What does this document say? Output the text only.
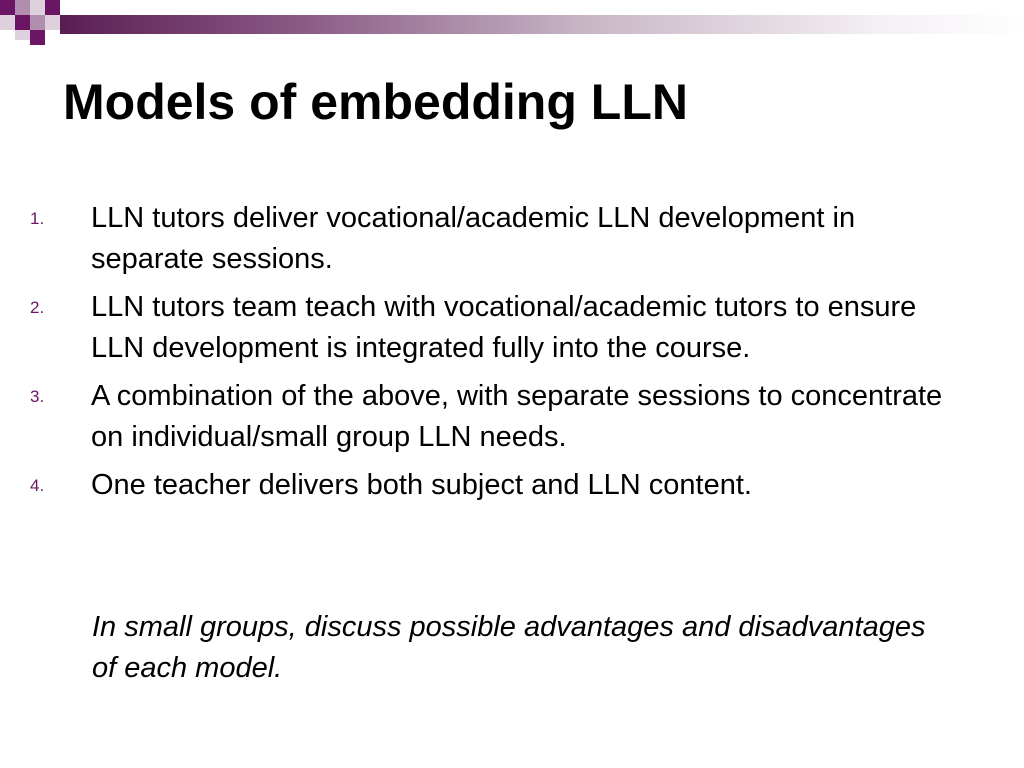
Models of embedding LLN
1. LLN tutors deliver vocational/academic LLN development in separate sessions.
2. LLN tutors team teach with vocational/academic tutors to ensure LLN development is integrated fully into the course.
3. A combination of the above, with separate sessions to concentrate on individual/small group LLN needs.
4. One teacher delivers both subject and LLN content.
In small groups, discuss possible advantages and disadvantages of each model.
